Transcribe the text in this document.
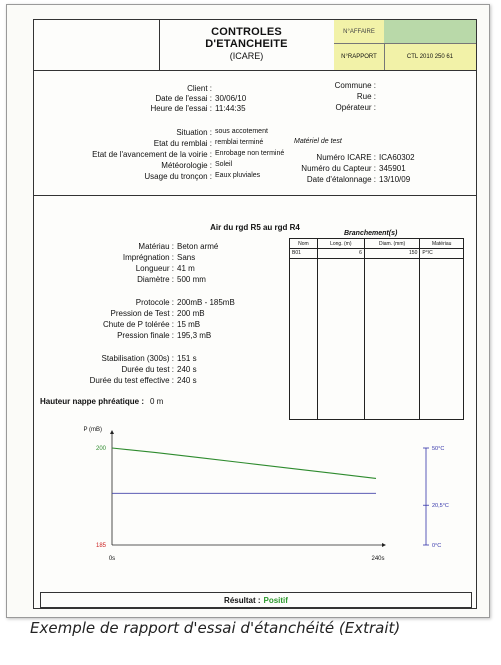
CONTROLES
D'ETANCHEITE
(ICARE)
N°AFFAIRE
N°RAPPORT	CTL 2010 250 61
Client :
Date de l'essai : 30/06/10
Heure de l'essai : 11:44:35
Commune :
Rue :
Opérateur :
Situation : sous accotement
Etat du remblai : remblai terminé
Etat de l'avancement de la voirie : Enrobage non terminé
Météorologie : Soleil
Usage du tronçon : Eaux pluviales
Matériel de test
Numéro ICARE : ICA60302
Numéro du Capteur : 345901
Date d'étalonnage : 13/10/09
Air du rgd R5 au rgd R4
Matériau : Beton armé
Imprégnation : Sans
Longueur : 41 m
Diamètre : 500 mm
Protocole : 200mB - 185mB
Pression de Test : 200 mB
Chute de P tolérée : 15 mB
Pression finale : 195,3 mB
Stabilisation (300s) : 151 s
Durée du test : 240 s
Durée du test effective : 240 s
Hauteur nappe phréatique : 0 m
Branchement(s)
Nom	Long. (m)	Diam. (mm)	Matériau
B01	6	150	P°/C

P (mB)
200
185
0s	240s
50°C
20,5°C
0°C
Résultat : Positif
Exemple de rapport d'essai d'étanchéité (Extrait)
